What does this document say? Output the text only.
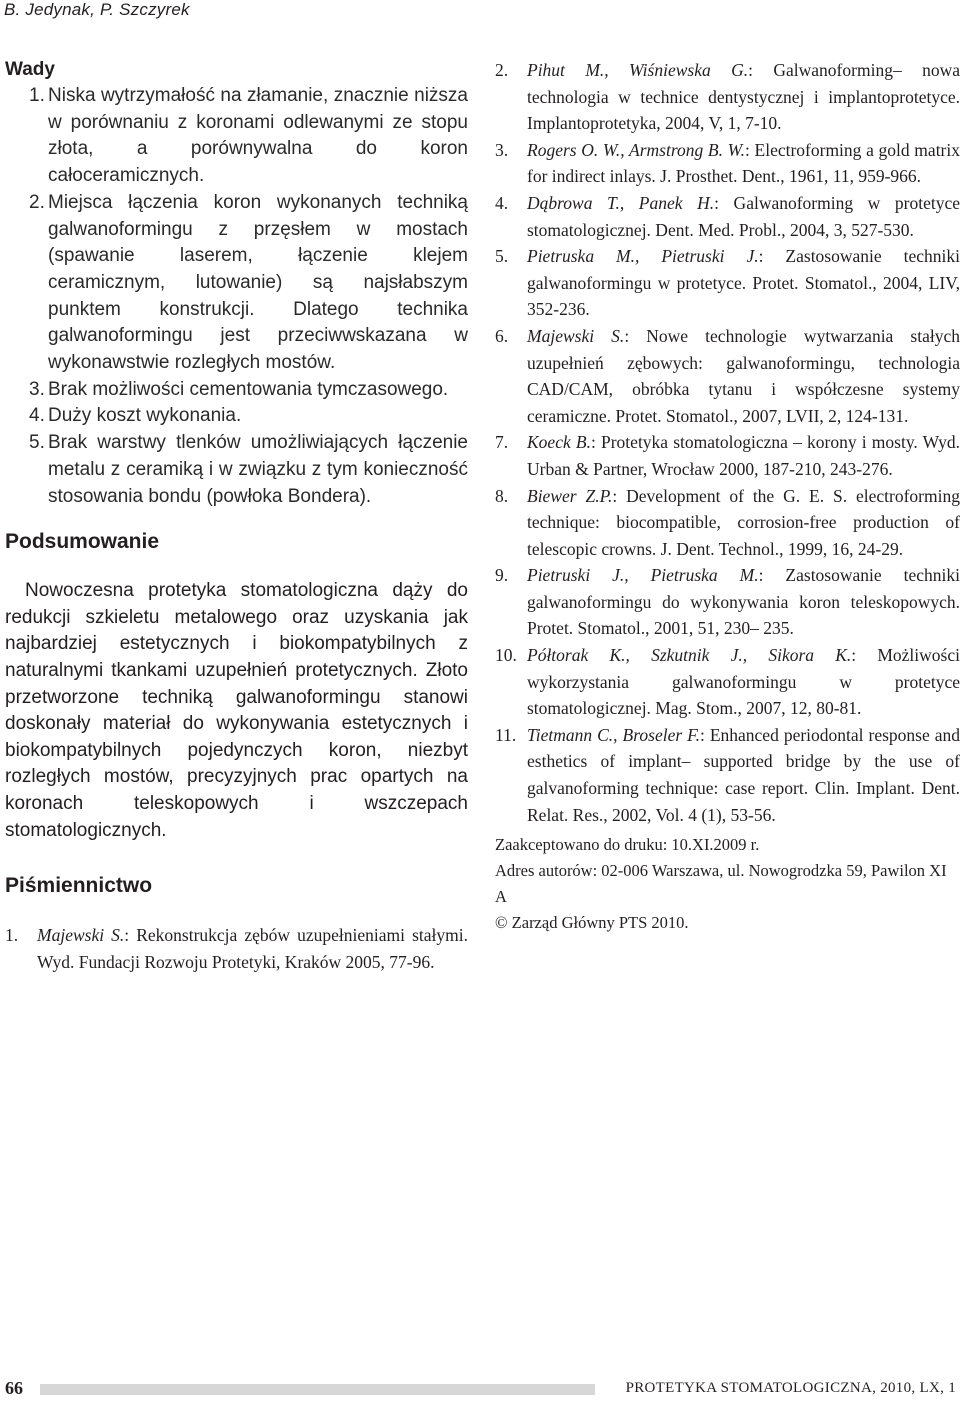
B. Jedynak, P. Szczyrek
Wady
1. Niska wytrzymałość na złamanie, znacznie niższa w porównaniu z koronami odlewanymi ze stopu złota, a porównywalna do koron całoceramicznych.
2. Miejsca łączenia koron wykonanych techniką galwanoformingu z przęsłem w mostach (spawanie laserem, łączenie klejem ceramicznym, lutowanie) są najsłabszym punktem konstrukcji. Dlatego technika galwanoformingu jest przeciwwskazana w wykonawstwie rozległych mostów.
3. Brak możliwości cementowania tymczasowego.
4. Duży koszt wykonania.
5. Brak warstwy tlenków umożliwiających łączenie metalu z ceramiką i w związku z tym konieczność stosowania bondu (powłoka Bondera).
Podsumowanie

Nowoczesna protetyka stomatologiczna dąży do redukcji szkieletu metalowego oraz uzyskania jak najbardziej estetycznych i biokompatybilnych z naturalnymi tkankami uzupełnień protetycznych. Złoto przetworzone techniką galwanoformingu stanowi doskonały materiał do wykonywania estetycznych i biokompatybilnych pojedynczych koron, niezbyt rozległych mostów, precyzyjnych prac opartych na koronach teleskopowych i wszczepach stomatologicznych.

Piśmiennictwo
1. Majewski S.: Rekonstrukcja zębów uzupełnieniami stałymi. Wyd. Fundacji Rozwoju Protetyki, Kraków 2005, 77-96.
2. Pihut M., Wiśniewska G.: Galwanoforming– nowa technologia w technice dentystycznej i implantoprotetyce. Implantoprotetyka, 2004, V, 1, 7-10.
3. Rogers O. W., Armstrong B. W.: Electroforming a gold matrix for indirect inlays. J. Prosthet. Dent., 1961, 11, 959-966.
4. Dąbrowa T., Panek H.: Galwanoforming w protetyce stomatologicznej. Dent. Med. Probl., 2004, 3, 527-530.
5. Pietruska M., Pietruski J.: Zastosowanie techniki galwanoformingu w protetyce. Protet. Stomatol., 2004, LIV, 352-236.
6. Majewski S.: Nowe technologie wytwarzania stałych uzupełnień zębowych: galwanoformingu, technologia CAD/CAM, obróbka tytanu i współczesne systemy ceramiczne. Protet. Stomatol., 2007, LVII, 2, 124-131.
7. Koeck B.: Protetyka stomatologiczna – korony i mosty. Wyd. Urban & Partner, Wrocław 2000, 187-210, 243-276.
8. Biewer Z.P.: Development of the G. E. S. electroforming technique: biocompatible, corrosion-free production of telescopic crowns. J. Dent. Technol., 1999, 16, 24-29.
9. Pietruski J., Pietruska M.: Zastosowanie techniki galwanoformingu do wykonywania koron teleskopowych. Protet. Stomatol., 2001, 51, 230– 235.
10. Półtorak K., Szkutnik J., Sikora K.: Możliwości wykorzystania galwanoformingu w protetyce stomatologicznej. Mag. Stom., 2007, 12, 80-81.
11. Tietmann C., Broseler F.: Enhanced periodontal response and esthetics of implant– supported bridge by the use of galvanoforming technique: case report. Clin. Implant. Dent. Relat. Res., 2002, Vol. 4 (1), 53-56.

Zaakceptowano do druku: 10.XI.2009 r.

Adres autorów: 02-006 Warszawa, ul. Nowogrodzka 59, Pawilon XI A

© Zarząd Główny PTS 2010.

66	PROTETYKA STOMATOLOGICZNA, 2010, LX, 1
